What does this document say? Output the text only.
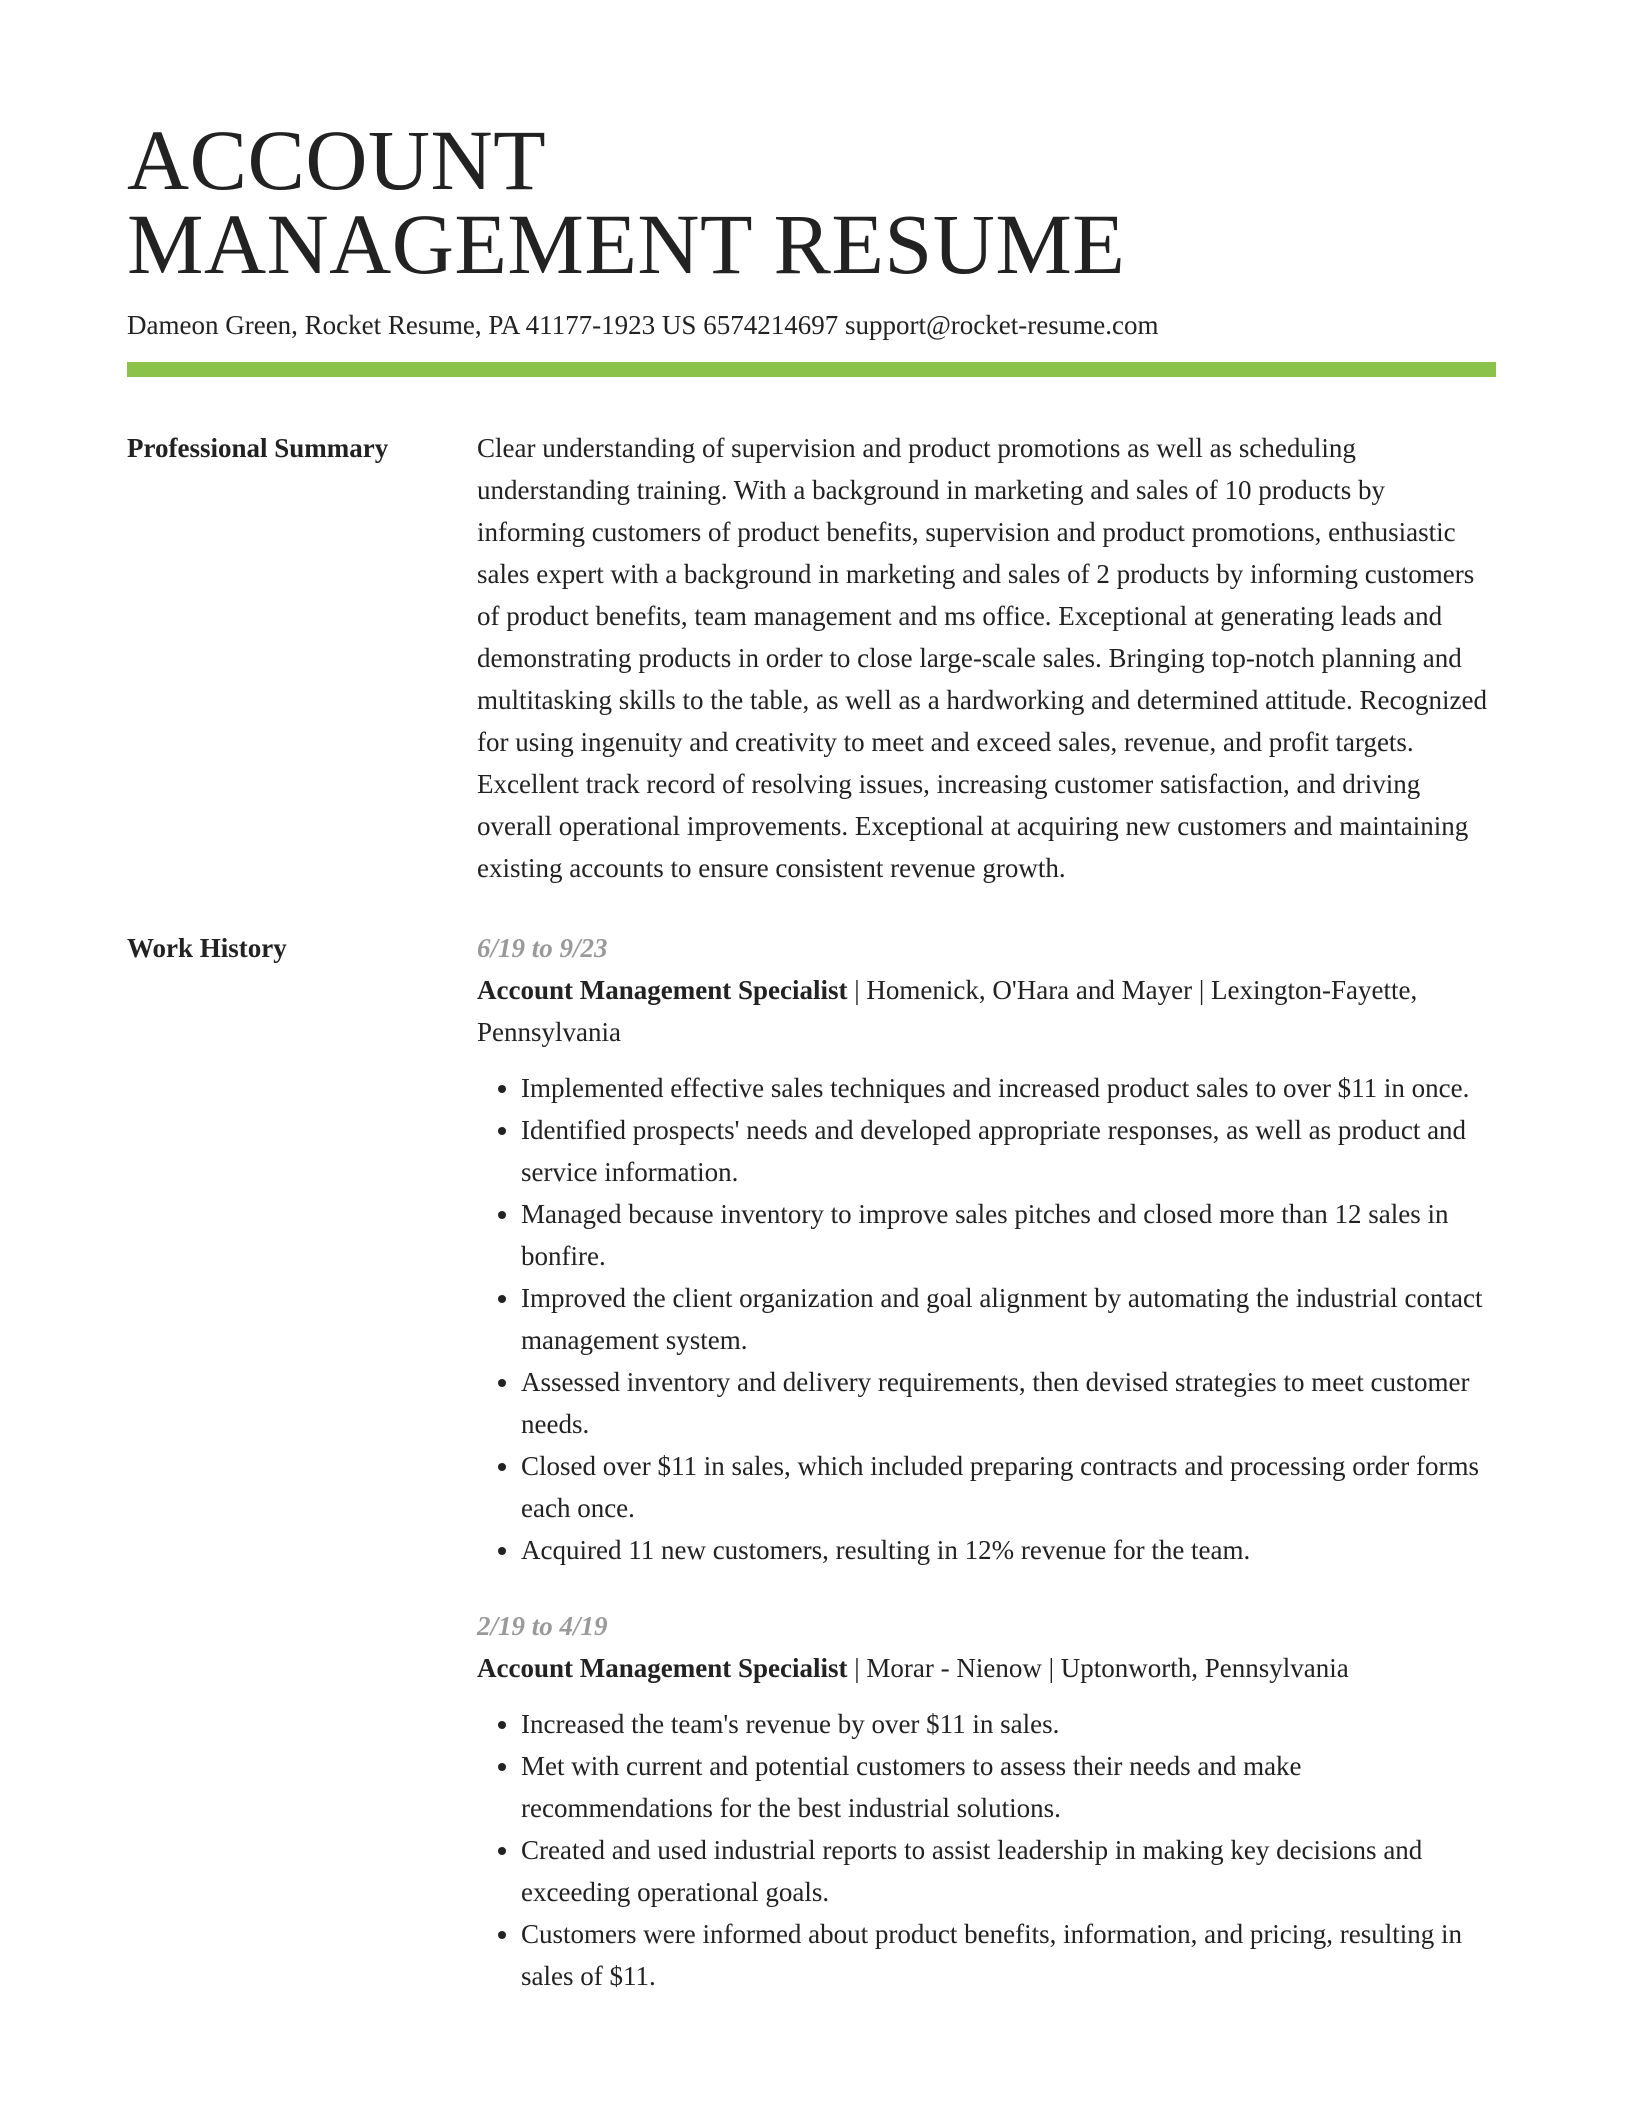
ACCOUNT
MANAGEMENT RESUME
Dameon Green, Rocket Resume, PA 41177-1923 US 6574214697 support@rocket-resume.com
Professional Summary	Clear understanding of supervision and product promotions as well as scheduling understanding training. With a background in marketing and sales of 10 products by informing customers of product benefits, supervision and product promotions, enthusiastic sales expert with a background in marketing and sales of 2 products by informing customers of product benefits, team management and ms office. Exceptional at generating leads and demonstrating products in order to close large-scale sales. Bringing top-notch planning and multitasking skills to the table, as well as a hardworking and determined attitude. Recognized for using ingenuity and creativity to meet and exceed sales, revenue, and profit targets. Excellent track record of resolving issues, increasing customer satisfaction, and driving overall operational improvements. Exceptional at acquiring new customers and maintaining existing accounts to ensure consistent revenue growth.

Work History	6/19 to 9/23

Account Management Specialist | Homenick, O'Hara and Mayer | Lexington-Fayette, Pennsylvania

• Implemented effective sales techniques and increased product sales to over $11 in once.
• Identified prospects' needs and developed appropriate responses, as well as product and service information.
• Managed because inventory to improve sales pitches and closed more than 12 sales in bonfire.
• Improved the client organization and goal alignment by automating the industrial contact management system.
• Assessed inventory and delivery requirements, then devised strategies to meet customer needs.
• Closed over $11 in sales, which included preparing contracts and processing order forms each once.
• Acquired 11 new customers, resulting in 12% revenue for the team.
2/19 to 4/19

Account Management Specialist | Morar - Nienow | Uptonworth, Pennsylvania

• Increased the team's revenue by over $11 in sales.
• Met with current and potential customers to assess their needs and make recommendations for the best industrial solutions.
• Created and used industrial reports to assist leadership in making key decisions and exceeding operational goals.
• Customers were informed about product benefits, information, and pricing, resulting in sales of $11.
